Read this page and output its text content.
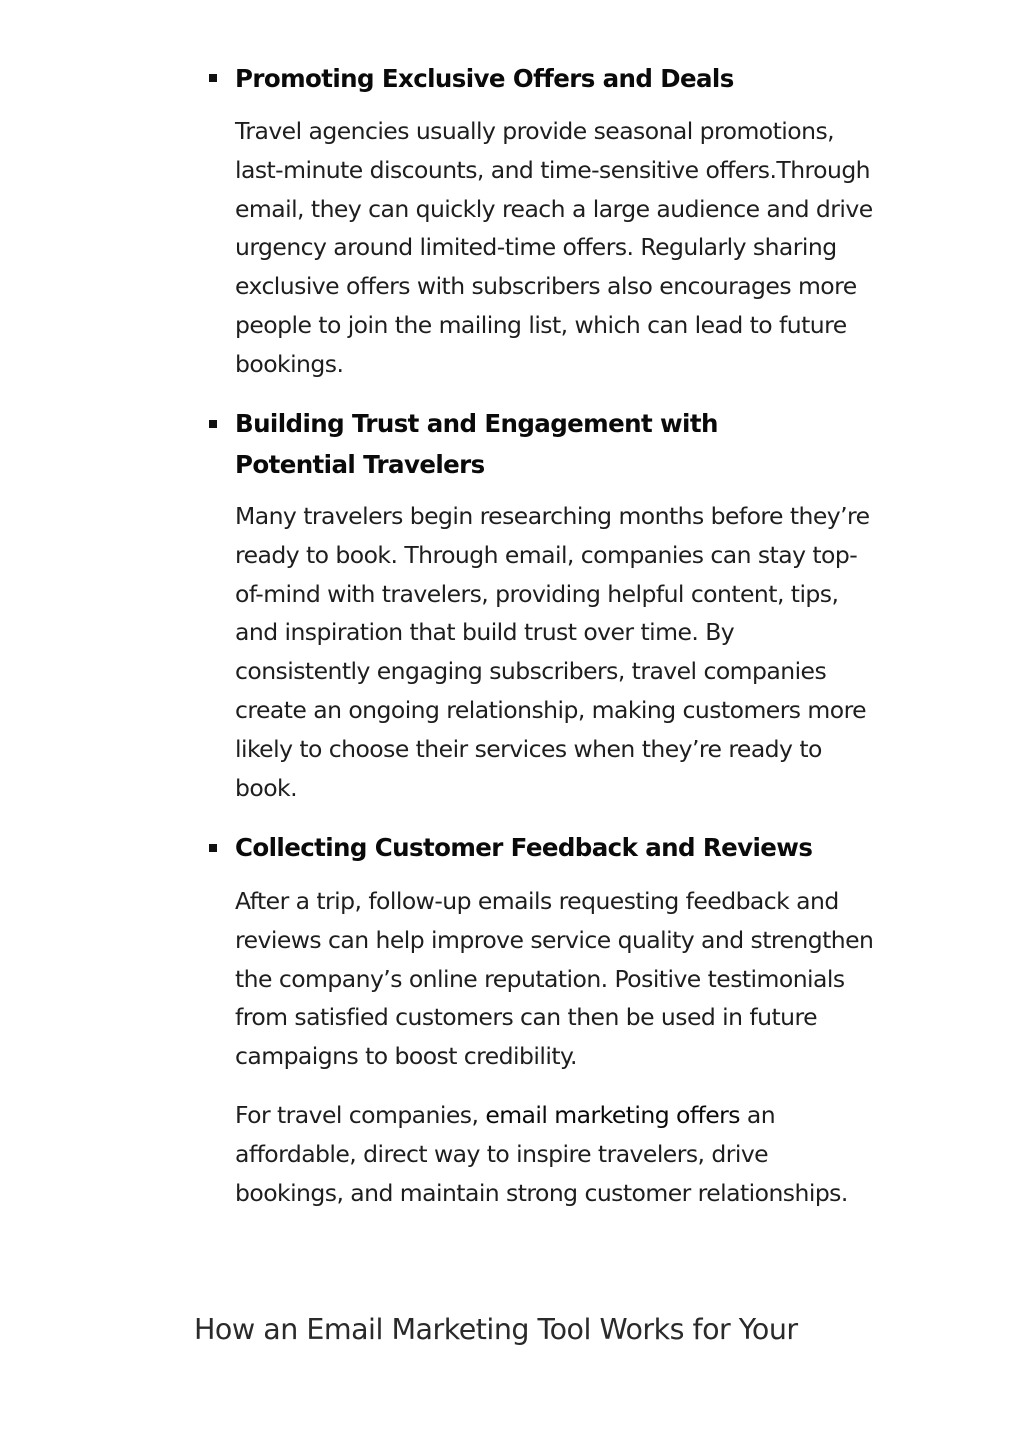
Promoting Exclusive Offers and Deals

Travel agencies usually provide seasonal promotions, last-minute discounts, and time-sensitive offers.Through email, they can quickly reach a large audience and drive urgency around limited-time offers. Regularly sharing exclusive offers with subscribers also encourages more people to join the mailing list, which can lead to future bookings.

Building Trust and Engagement with Potential Travelers

Many travelers begin researching months before they’re ready to book. Through email, companies can stay top-of-mind with travelers, providing helpful content, tips, and inspiration that build trust over time. By consistently engaging subscribers, travel companies create an ongoing relationship, making customers more likely to choose their services when they’re ready to book.

Collecting Customer Feedback and Reviews

After a trip, follow-up emails requesting feedback and reviews can help improve service quality and strengthen the company’s online reputation. Positive testimonials from satisfied customers can then be used in future campaigns to boost credibility.

For travel companies, email marketing offers an affordable, direct way to inspire travelers, drive bookings, and maintain strong customer relationships.

How an Email Marketing Tool Works for Your
